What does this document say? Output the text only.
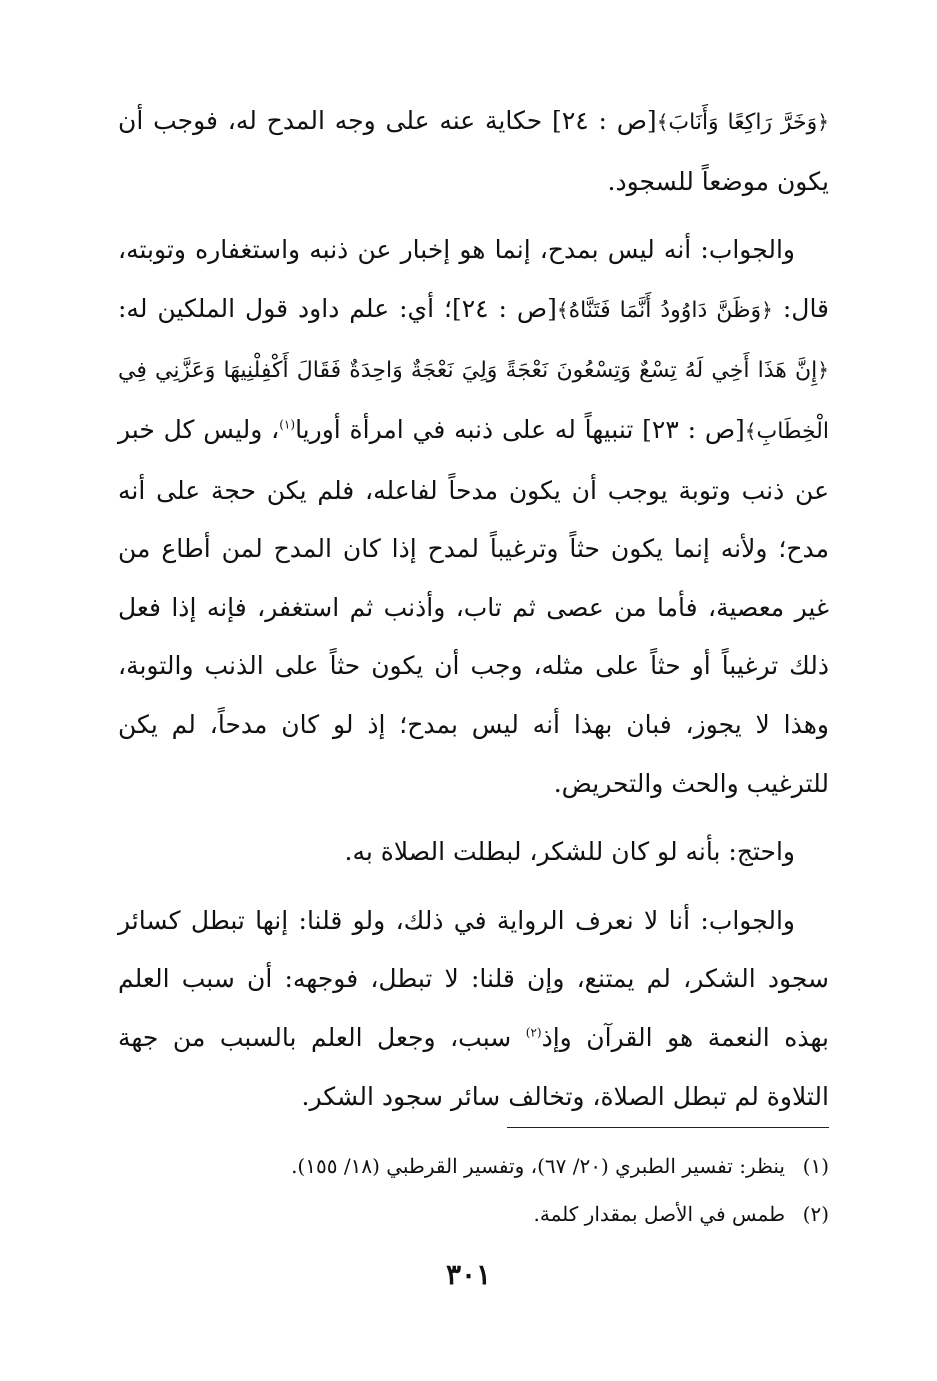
﴿وَخَرَّ رَاكِعًا وَأَنَابَ﴾[ص : ٢٤] حكاية عنه على وجه المدح له، فوجب أن يكون موضعاً للسجود.

والجواب: أنه ليس بمدح، إنما هو إخبار عن ذنبه واستغفاره وتوبته، قال: ﴿وَظَنَّ دَاوُودُ أَنَّمَا فَتَنَّاهُ﴾[ص : ٢٤]؛ أي: علم داود قول الملكين له: ﴿إِنَّ هَذَا أَخِي لَهُ تِسْعٌ وَتِسْعُونَ نَعْجَةً وَلِيَ نَعْجَةٌ وَاحِدَةٌ فَقَالَ أَكْفِلْنِيهَا وَعَزَّنِي فِي الْخِطَابِ﴾[ص : ٢٣] تنبيهاً له على ذنبه في امرأة أوريا$^{(١)}$، وليس كل خبر عن ذنب وتوبة يوجب أن يكون مدحاً لفاعله، فلم يكن حجة على أنه مدح؛ ولأنه إنما يكون حثاً وترغيباً لمدح إذا كان المدح لمن أطاع من غير معصية، فأما من عصى ثم تاب، وأذنب ثم استغفر، فإنه إذا فعل ذلك ترغيباً أو حثاً على مثله، وجب أن يكون حثاً على الذنب والتوبة، وهذا لا يجوز، فبان بهذا أنه ليس بمدح؛ إذ لو كان مدحاً، لم يكن للترغيب والحث والتحريض.

واحتج: بأنه لو كان للشكر، لبطلت الصلاة به.

والجواب: أنا لا نعرف الرواية في ذلك، ولو قلنا: إنها تبطل كسائر سجود الشكر، لم يمتنع، وإن قلنا: لا تبطل، فوجهه: أن سبب العلم بهذه النعمة هو القرآن وإذ$^{(٢)}$ سبب، وجعل العلم بالسبب من جهة التلاوة لم تبطل الصلاة، وتخالف سائر سجود الشكر.

(١)ينظر: تفسير الطبري (٢٠/ ٦٧)، وتفسير القرطبي (١٨/ ١٥٥).
(٢)طمس في الأصل بمقدار كلمة.
٣٠١
